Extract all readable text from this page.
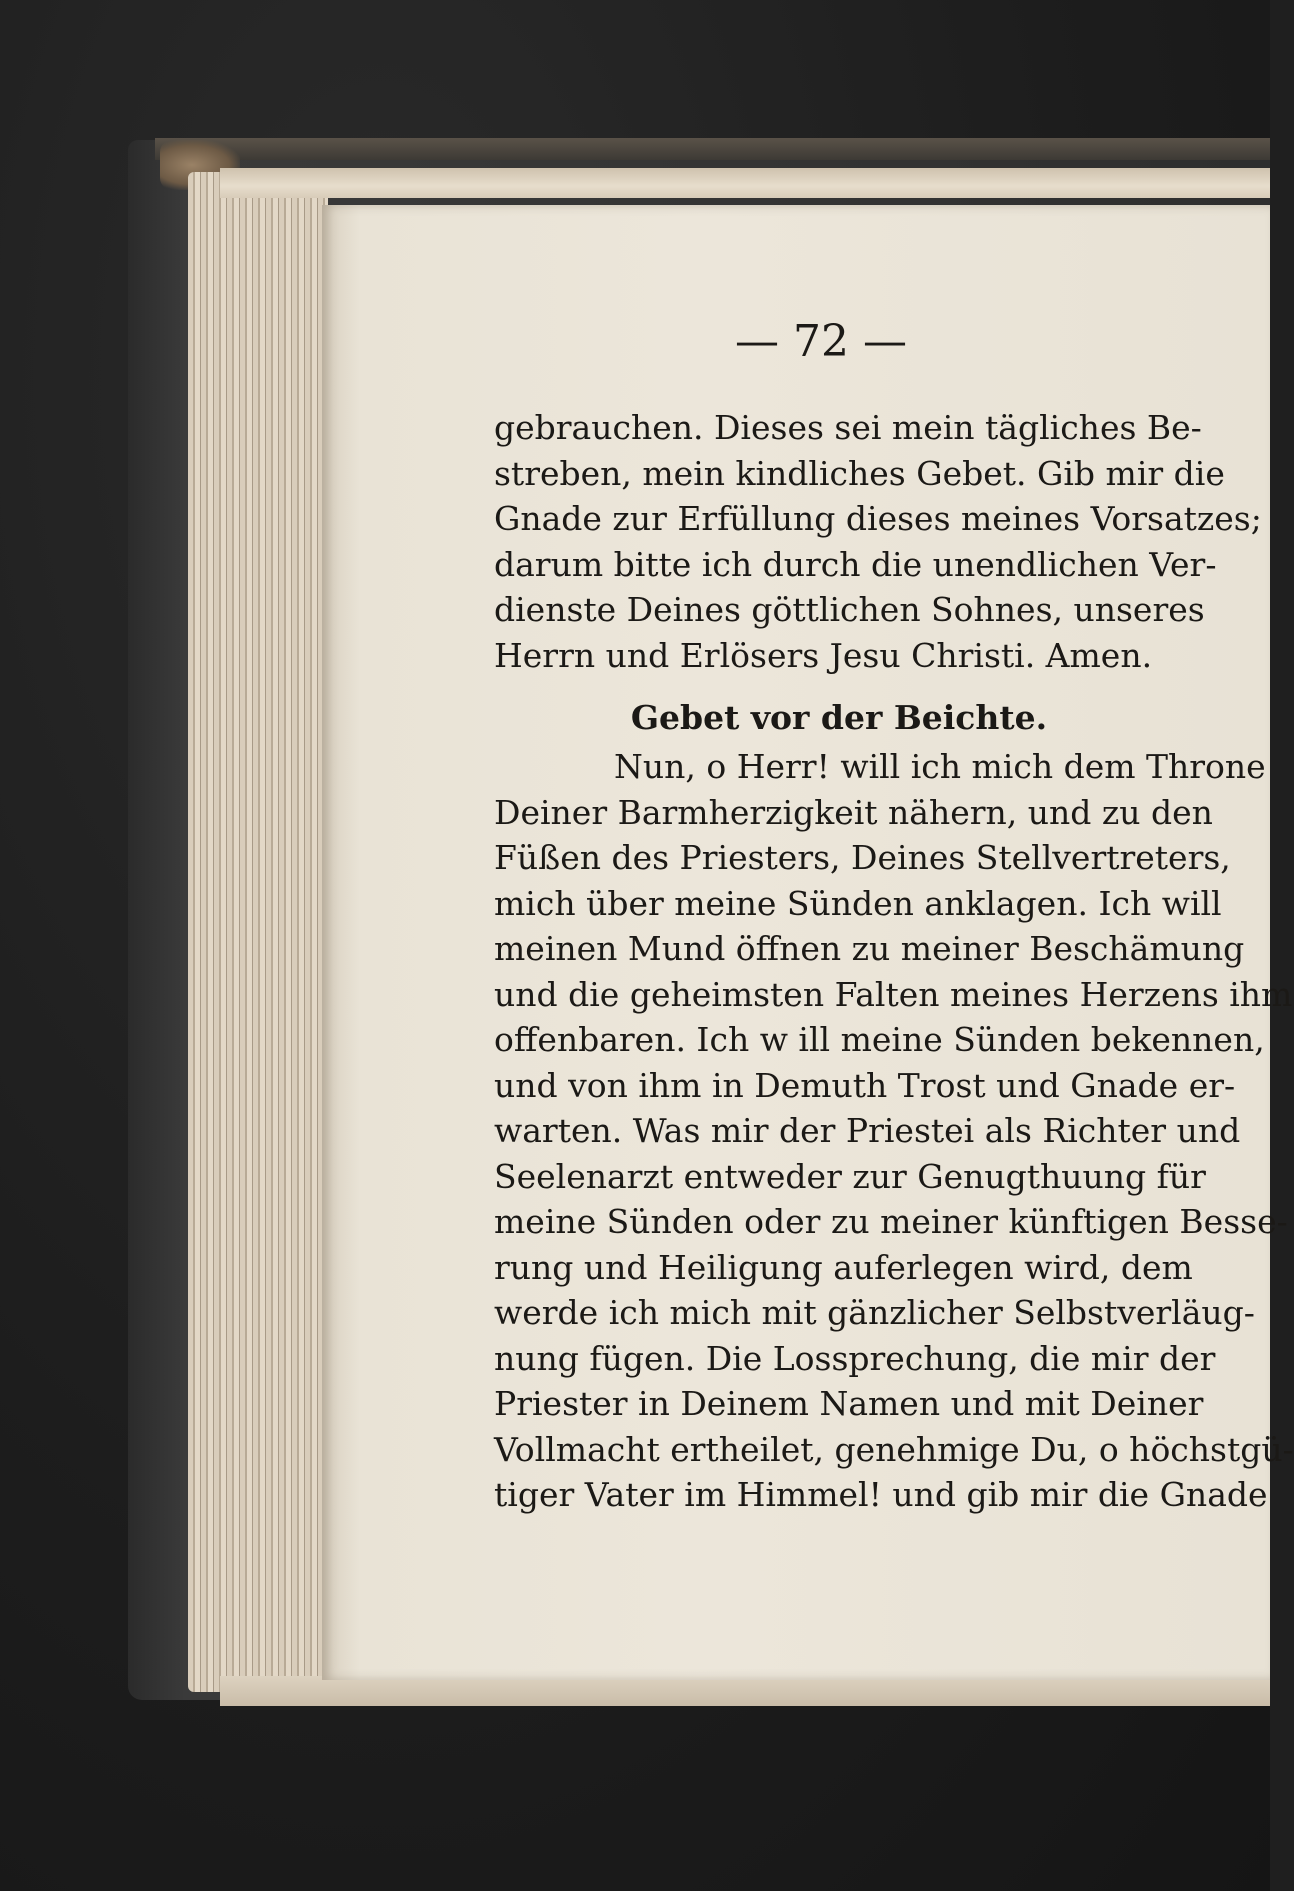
— 72 —
gebrauchen. Dieses sei mein tägliches Be-
streben, mein kindliches Gebet. Gib mir die
Gnade zur Erfüllung dieses meines Vorsatzes;
darum bitte ich durch die unendlichen Ver-
dienste Deines göttlichen Sohnes, unseres
Herrn und Erlösers Jesu Christi. Amen.
Gebet vor der Beichte.
Nun, o Herr! will ich mich dem Throne
Deiner Barmherzigkeit nähern, und zu den
Füßen des Priesters, Deines Stellvertreters,
mich über meine Sünden anklagen. Ich will
meinen Mund öffnen zu meiner Beschämung
und die geheimsten Falten meines Herzens ihm
offenbaren. Ich w ill meine Sünden bekennen,
und von ihm in Demuth Trost und Gnade er-
warten. Was mir der Priestei als Richter und
Seelenarzt entweder zur Genugthuung für
meine Sünden oder zu meiner künftigen Besse-
rung und Heiligung auferlegen wird, dem
werde ich mich mit gänzlicher Selbstverläug-
nung fügen. Die Lossprechung, die mir der
Priester in Deinem Namen und mit Deiner
Vollmacht ertheilet, genehmige Du, o höchstgü-
tiger Vater im Himmel! und gib mir die Gnade
